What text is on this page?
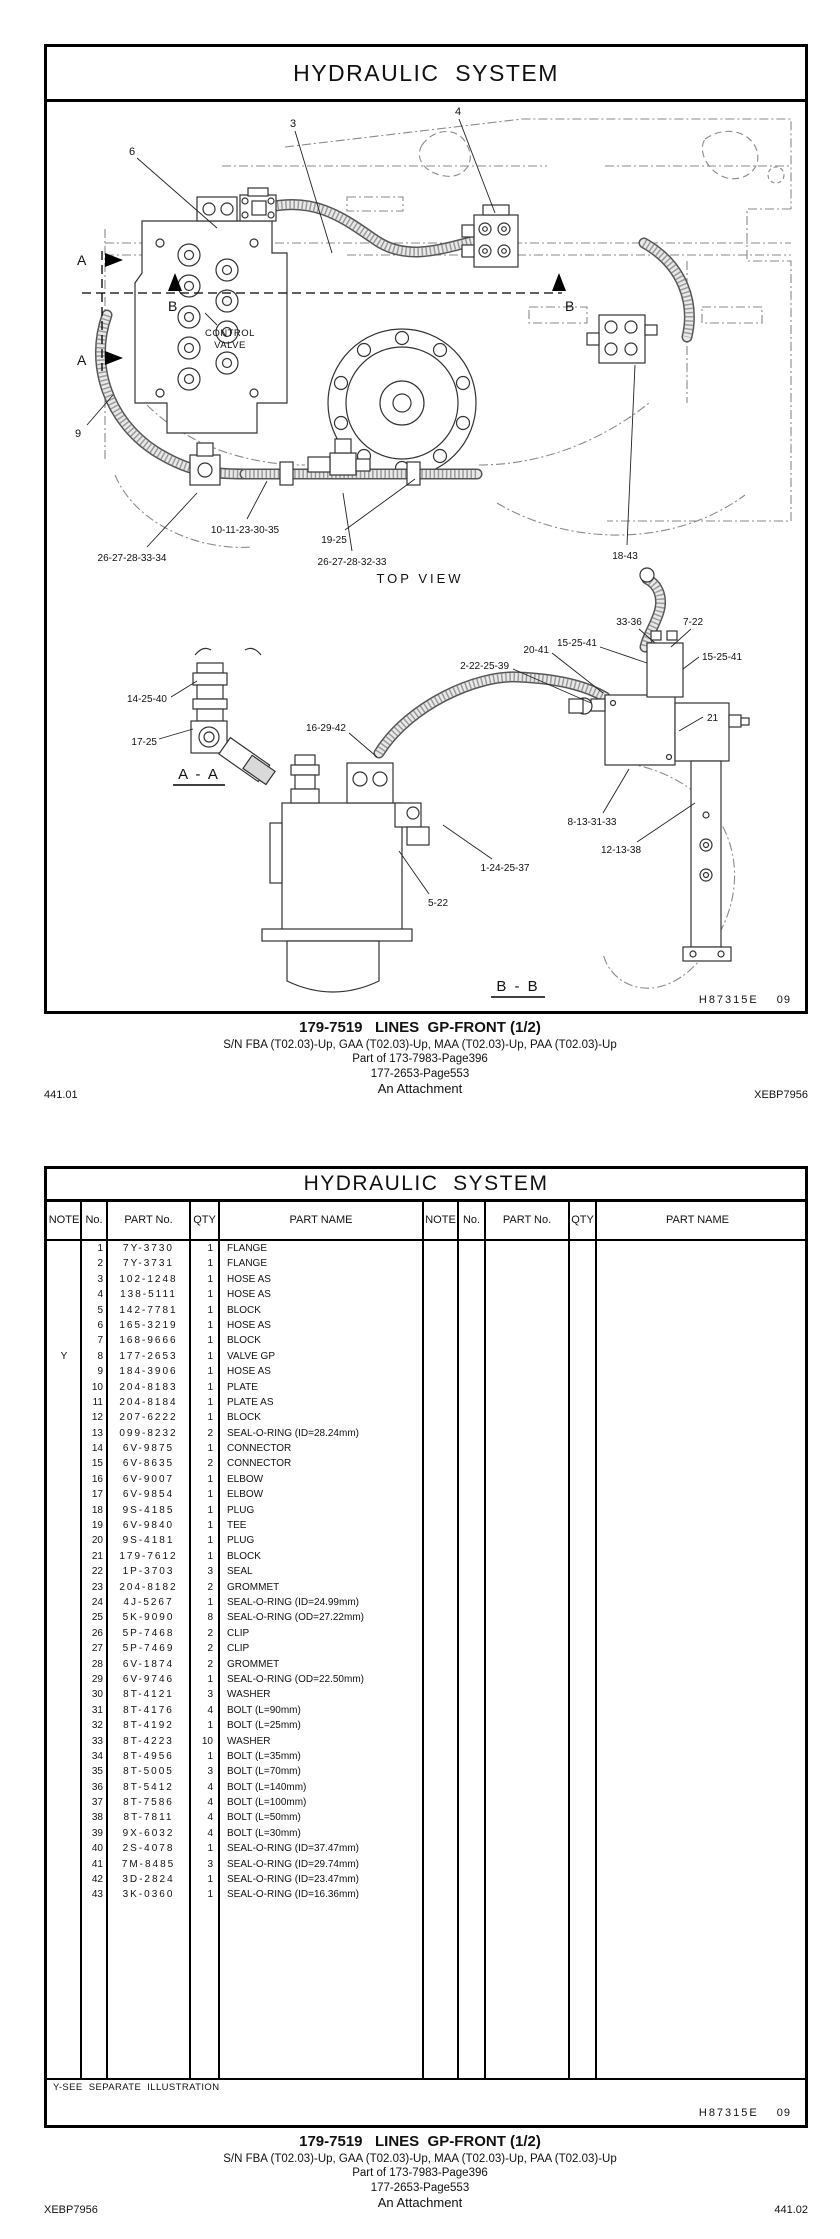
HYDRAULIC  SYSTEM
A
A
B	B
CONTROL
VALVE
6
3
4
9
10-11-23-30-35
26-27-28-33-34	26-27-28-32-33
19-25
18-43
TOP VIEW
14-25-40
17-25
A - A
2-22-25-39
16-29-42
20-41
15-25-41
33-36	7-22
15-25-41
21
8-13-31-33
12-13-38
1-24-25-37
5-22
B - B
H87315E 09
179-7519   LINES  GP-FRONT (1/2)
S/N FBA (T02.03)-Up, GAA (T02.03)-Up, MAA (T02.03)-Up, PAA (T02.03)-Up
Part of 173-7983-Page396
177-2653-Page553
An Attachment
441.01	XEBP7956
HYDRAULIC  SYSTEM
NOTE No.	PART No.	QTY	PART NAME	NOTE No.	PART No.	QTY	PART NAME
1	7Y-3730	1	FLANGE
2	7Y-3731	1	FLANGE
3	102-1248	1	HOSE AS
4	138-5111	1	HOSE AS
5	142-7781	1	BLOCK
6	165-3219	1	HOSE AS
7	168-9666	1	BLOCK
Y	8	177-2653	1	VALVE GP
9	184-3906	1	HOSE AS
10	204-8183	1	PLATE
11	204-8184	1	PLATE AS
12	207-6222	1	BLOCK
13	099-8232	2	SEAL-O-RING (ID=28.24mm)
14	6V-9875	1	CONNECTOR
15	6V-8635	2	CONNECTOR
16	6V-9007	1	ELBOW
17	6V-9854	1	ELBOW
18	9S-4185	1	PLUG
19	6V-9840	1	TEE
20	9S-4181	1	PLUG
21	179-7612	1	BLOCK
22	1P-3703	3	SEAL
23	204-8182	2	GROMMET
24	4J-5267	1	SEAL-O-RING (ID=24.99mm)
25	5K-9090	8	SEAL-O-RING (OD=27.22mm)
26	5P-7468	2	CLIP
27	5P-7469	2	CLIP
28	6V-1874	2	GROMMET
29	6V-9746	1	SEAL-O-RING (OD=22.50mm)
30	8T-4121	3	WASHER
31	8T-4176	4	BOLT (L=90mm)
32	8T-4192	1	BOLT (L=25mm)
33	8T-4223	10	WASHER
34	8T-4956	1	BOLT (L=35mm)
35	8T-5005	3	BOLT (L=70mm)
36	8T-5412	4	BOLT (L=140mm)
37	8T-7586	4	BOLT (L=100mm)
38	8T-7811	4	BOLT (L=50mm)
39	9X-6032	4	BOLT (L=30mm)
40	2S-4078	1	SEAL-O-RING (ID=37.47mm)
41	7M-8485	3	SEAL-O-RING (ID=29.74mm)
42	3D-2824	1	SEAL-O-RING (ID=23.47mm)
43	3K-0360	1	SEAL-O-RING (ID=16.36mm)
Y-SEE  SEPARATE  ILLUSTRATION
H87315E 09
179-7519   LINES  GP-FRONT (1/2)
S/N FBA (T02.03)-Up, GAA (T02.03)-Up, MAA (T02.03)-Up, PAA (T02.03)-Up
Part of 173-7983-Page396
177-2653-Page553
An Attachment
XEBP7956	441.02
